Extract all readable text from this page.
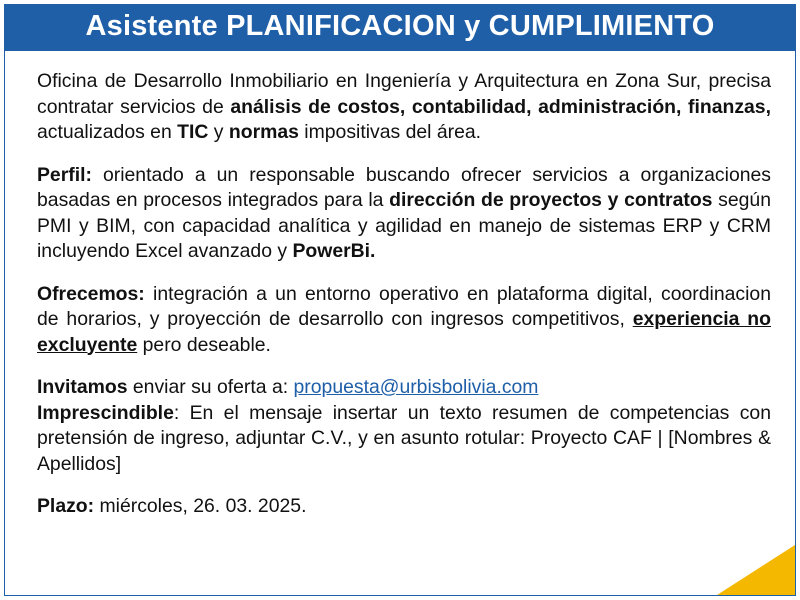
Asistente PLANIFICACION y CUMPLIMIENTO

Oficina de Desarrollo Inmobiliario en Ingeniería y Arquitectura en Zona Sur, precisa contratar servicios de análisis de costos, contabilidad, administración, finanzas, actualizados en TIC y normas impositivas del área.

Perfil: orientado a un responsable buscando ofrecer servicios a organizaciones basadas en procesos integrados para la dirección de proyectos y contratos según PMI y BIM, con capacidad analítica y agilidad en manejo de sistemas ERP y CRM incluyendo Excel avanzado y PowerBi.

Ofrecemos: integración a un entorno operativo en plataforma digital, coordinacion de horarios, y proyección de desarrollo con ingresos competitivos, experiencia no excluyente pero deseable.

Invitamos enviar su oferta a: propuesta@urbisbolivia.com

Imprescindible: En el mensaje insertar un texto resumen de competencias con pretensión de ingreso, adjuntar C.V., y en asunto rotular: Proyecto CAF | [Nombres & Apellidos]

Plazo: miércoles, 26. 03. 2025.
